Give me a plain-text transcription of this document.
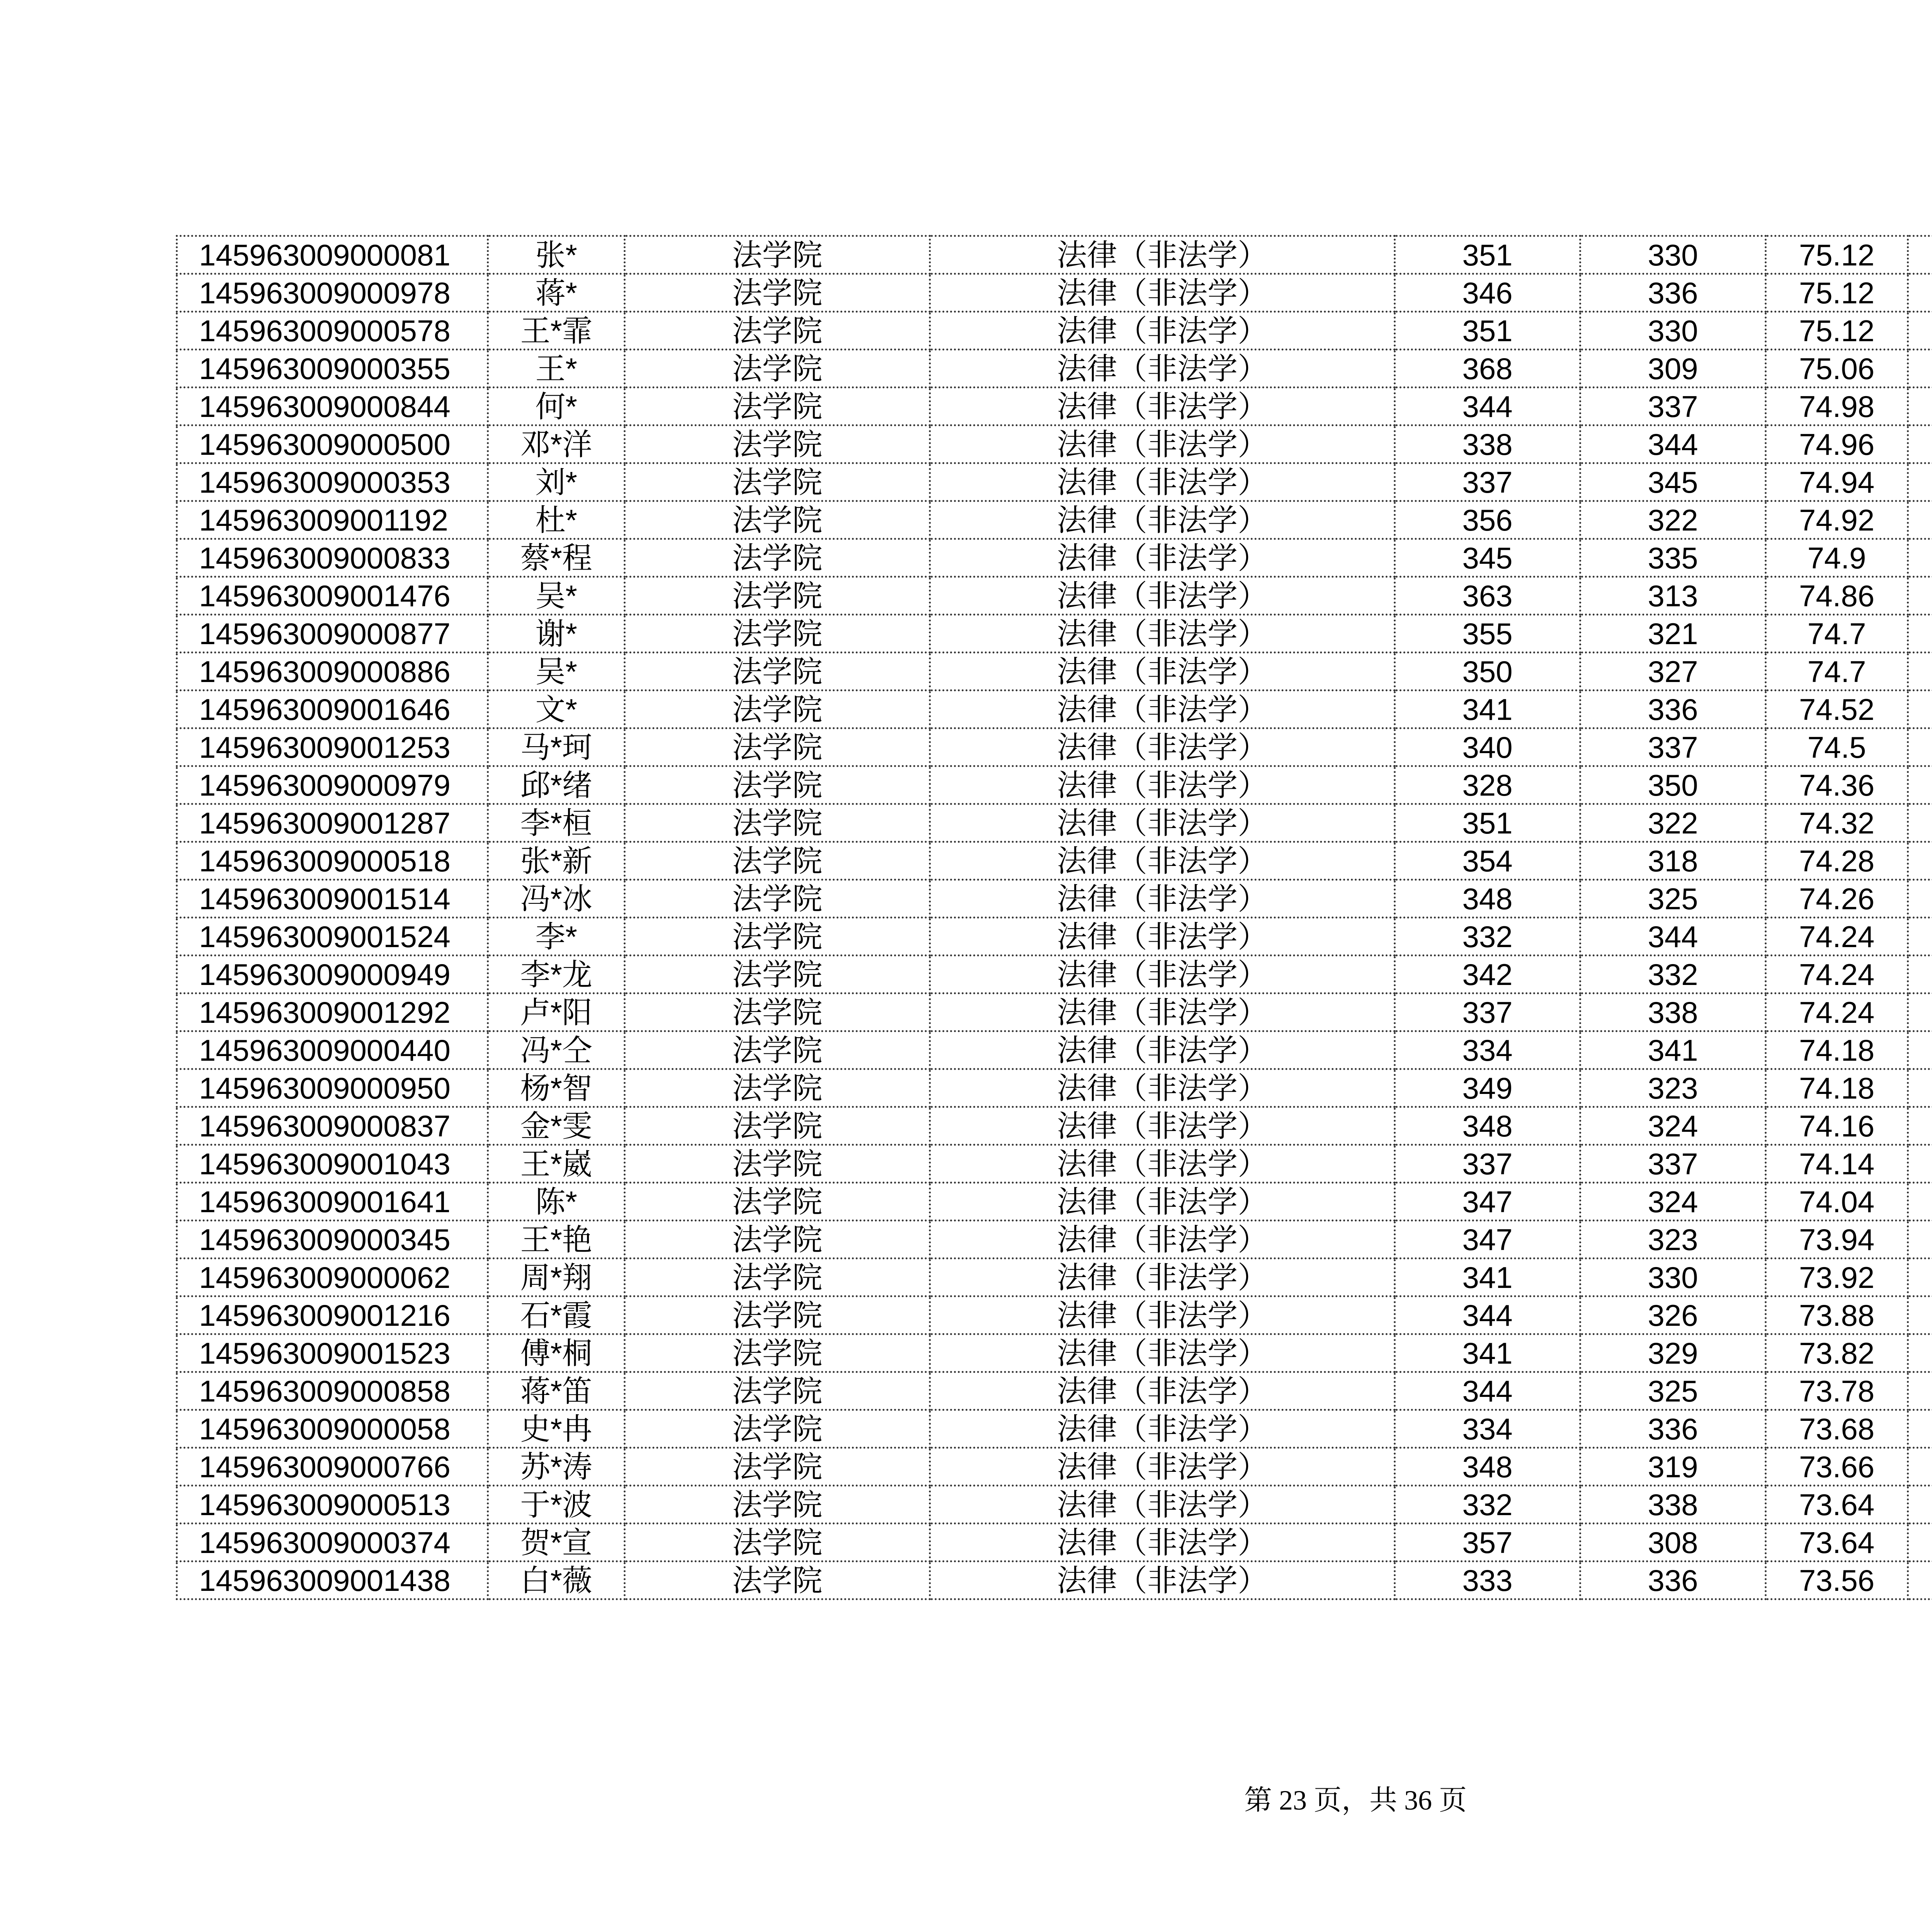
145963009000081	张*	法学院	法律（非法学）	351	330	75.12		
145963009000978	蒋*	法学院	法律（非法学）	346	336	75.12		
145963009000578	王*霏	法学院	法律（非法学）	351	330	75.12		
145963009000355	王*	法学院	法律（非法学）	368	309	75.06		
145963009000844	何*	法学院	法律（非法学）	344	337	74.98		
145963009000500	邓*洋	法学院	法律（非法学）	338	344	74.96		
145963009000353	刘*	法学院	法律（非法学）	337	345	74.94		
145963009001192	杜*	法学院	法律（非法学）	356	322	74.92		
145963009000833	蔡*程	法学院	法律（非法学）	345	335	74.9		
145963009001476	吴*	法学院	法律（非法学）	363	313	74.86		
145963009000877	谢*	法学院	法律（非法学）	355	321	74.7		
145963009000886	吴*	法学院	法律（非法学）	350	327	74.7		
145963009001646	文*	法学院	法律（非法学）	341	336	74.52		
145963009001253	马*珂	法学院	法律（非法学）	340	337	74.5		
145963009000979	邱*绪	法学院	法律（非法学）	328	350	74.36		
145963009001287	李*桓	法学院	法律（非法学）	351	322	74.32		
145963009000518	张*新	法学院	法律（非法学）	354	318	74.28		
145963009001514	冯*冰	法学院	法律（非法学）	348	325	74.26		
145963009001524	李*	法学院	法律（非法学）	332	344	74.24		
145963009000949	李*龙	法学院	法律（非法学）	342	332	74.24		
145963009001292	卢*阳	法学院	法律（非法学）	337	338	74.24		
145963009000440	冯*仝	法学院	法律（非法学）	334	341	74.18		
145963009000950	杨*智	法学院	法律（非法学）	349	323	74.18		
145963009000837	金*雯	法学院	法律（非法学）	348	324	74.16		
145963009001043	王*崴	法学院	法律（非法学）	337	337	74.14		
145963009001641	陈*	法学院	法律（非法学）	347	324	74.04		
145963009000345	王*艳	法学院	法律（非法学）	347	323	73.94		
145963009000062	周*翔	法学院	法律（非法学）	341	330	73.92		
145963009001216	石*霞	法学院	法律（非法学）	344	326	73.88		
145963009001523	傅*桐	法学院	法律（非法学）	341	329	73.82		
145963009000858	蒋*笛	法学院	法律（非法学）	344	325	73.78		
145963009000058	史*冉	法学院	法律（非法学）	334	336	73.68		
145963009000766	苏*涛	法学院	法律（非法学）	348	319	73.66		
145963009000513	于*波	法学院	法律（非法学）	332	338	73.64		
145963009000374	贺*宣	法学院	法律（非法学）	357	308	73.64		
145963009001438	白*薇	法学院	法律（非法学）	333	336	73.56		
第 23 页，共 36 页
